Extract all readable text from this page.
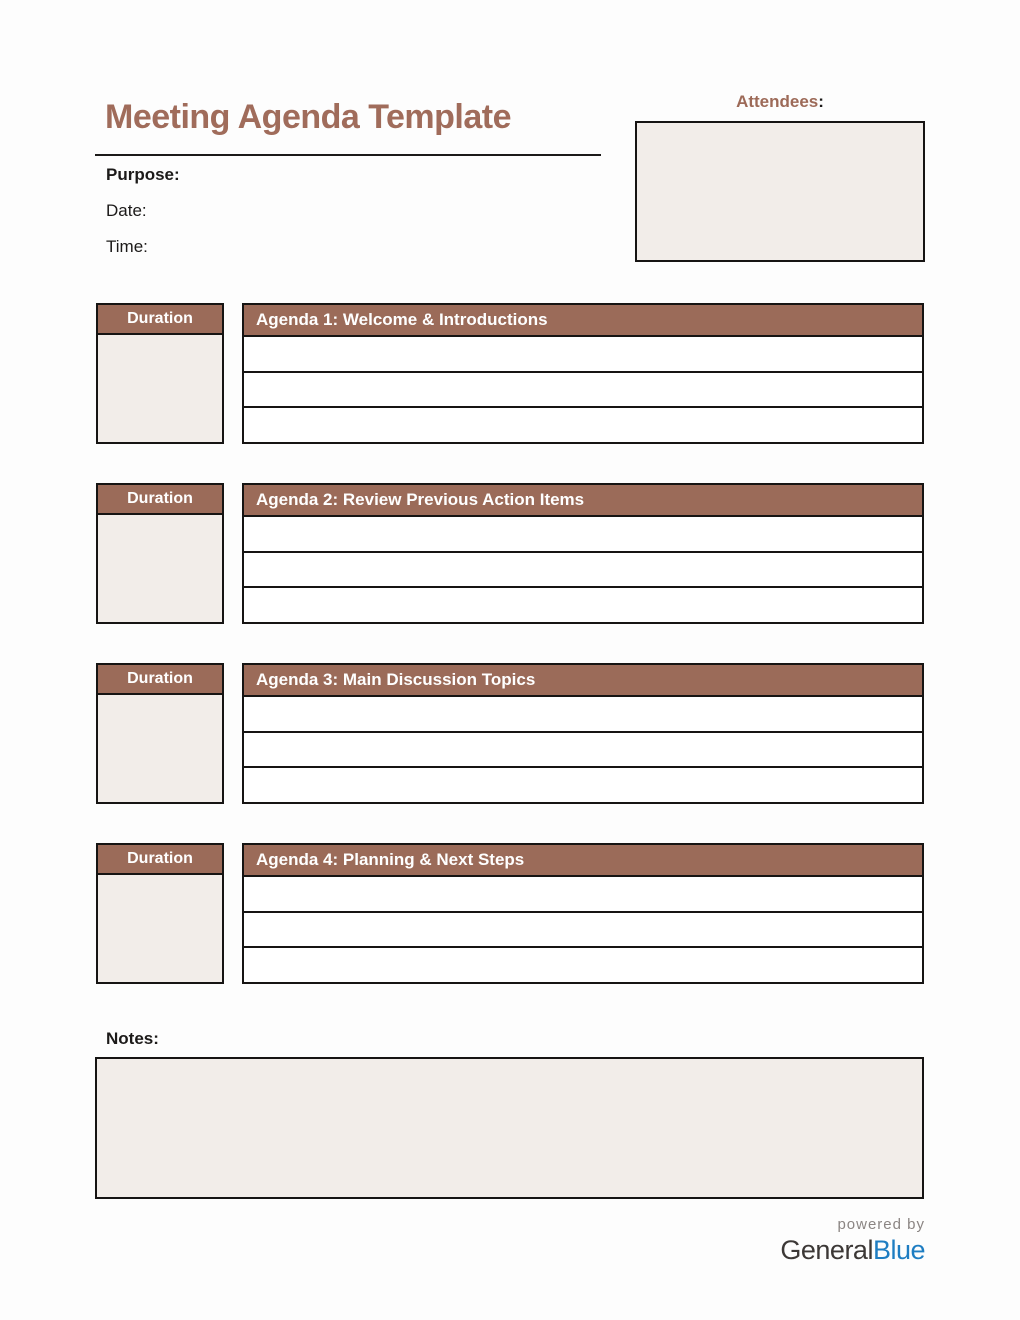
Meeting Agenda Template
Purpose:
Date:
Time:
Attendees:
Duration	Agenda 1: Welcome & Introductions
Duration	Agenda 2: Review Previous Action Items
Duration	Agenda 3: Main Discussion Topics
Duration	Agenda 4: Planning & Next Steps
Notes:
powered by
GeneralBlue
